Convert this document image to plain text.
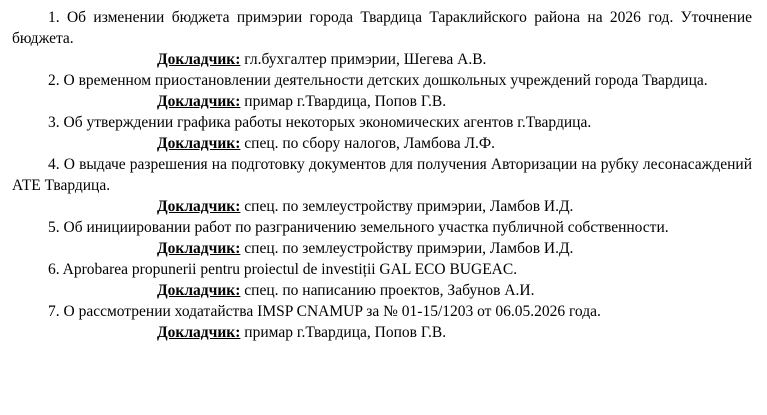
1. Об изменении бюджета примэрии города Твардица Тараклийского района на 2026 год. Уточнение бюджета.

Докладчик: гл.бухгалтер примэрии, Шегева А.В.

2. О временном приостановлении деятельности детских дошкольных учреждений города Твардица.

Докладчик: примар г.Твардица, Попов Г.В.

3. Об утверждении графика работы некоторых экономических агентов г.Твардица.

Докладчик: спец. по сбору налогов, Ламбова Л.Ф.

4. О выдаче разрешения на подготовку документов для получения Авторизации на рубку лесонасаждений АТЕ Твардица.

Докладчик: спец. по землеустройству примэрии, Ламбов И.Д.

5. Об инициировании работ по разграничению земельного участка публичной собственности.

Докладчик: спец. по землеустройству примэрии, Ламбов И.Д.

6. Aprobarea propunerii pentru proiectul de investiții GAL ECO BUGEAC.

Докладчик: спец. по написанию проектов, Забунов А.И.

7. О рассмотрении ходатайства IMSP CNAMUP за № 01-15/1203 от 06.05.2026 года.

Докладчик: примар г.Твардица, Попов Г.В.
